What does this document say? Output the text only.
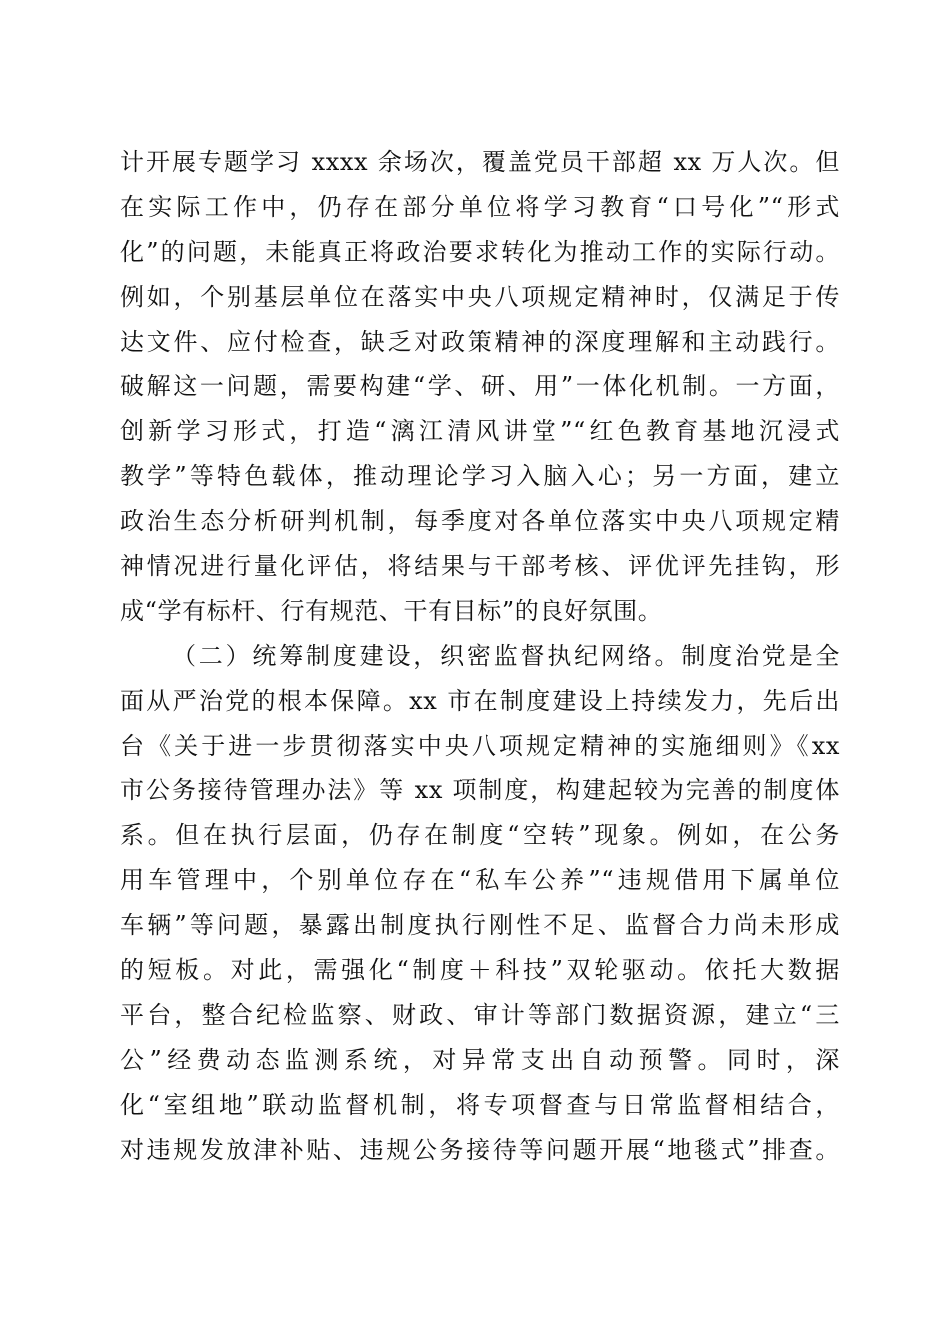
计开展专题学习 xxxx 余场次，覆盖党员干部超 xx 万人次。但
在实际工作中，仍存在部分单位将学习教育“口号化”“形式
化”的问题，未能真正将政治要求转化为推动工作的实际行动。
例如，个别基层单位在落实中央八项规定精神时，仅满足于传
达文件、应付检查，缺乏对政策精神的深度理解和主动践行。
破解这一问题，需要构建“学、研、用”一体化机制。一方面，
创新学习形式，打造“漓江清风讲堂”“红色教育基地沉浸式
教学”等特色载体，推动理论学习入脑入心；另一方面，建立
政治生态分析研判机制，每季度对各单位落实中央八项规定精
神情况进行量化评估，将结果与干部考核、评优评先挂钩，形
成“学有标杆、行有规范、干有目标”的良好氛围。
（二）统筹制度建设，织密监督执纪网络。制度治党是全
面从严治党的根本保障。xx 市在制度建设上持续发力，先后出
台《关于进一步贯彻落实中央八项规定精神的实施细则》《xx
市公务接待管理办法》等 xx 项制度，构建起较为完善的制度体
系。但在执行层面，仍存在制度“空转”现象。例如，在公务
用车管理中，个别单位存在“私车公养”“违规借用下属单位
车辆”等问题，暴露出制度执行刚性不足、监督合力尚未形成
的短板。对此，需强化“制度＋科技”双轮驱动。依托大数据
平台，整合纪检监察、财政、审计等部门数据资源，建立“三
公”经费动态监测系统，对异常支出自动预警。同时，深
化“室组地”联动监督机制，将专项督查与日常监督相结合，
对违规发放津补贴、违规公务接待等问题开展“地毯式”排查。
